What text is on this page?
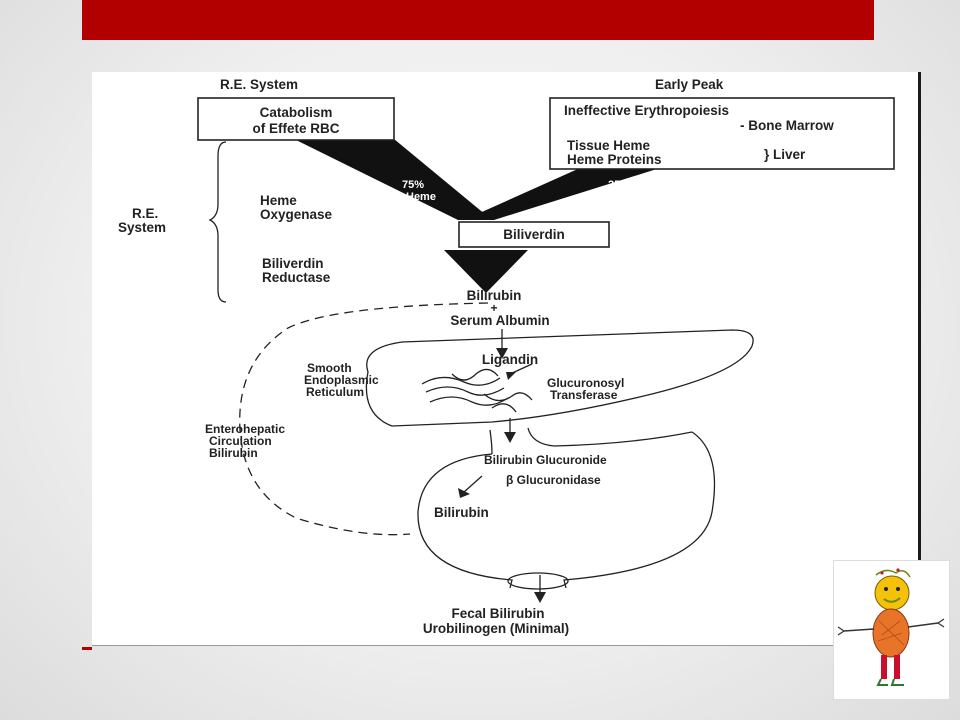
R.E. System	Early Peak
Catabolism
of Effete RBC
Ineffective Erythropoiesis
- Bone Marrow
Tissue Heme
Heme Proteins	} Liver
75%
Heme
25%
Heme
Biliverdin
R.E.
System
Heme
Oxygenase
Biliverdin
Reductase
Bilirubin
+
Serum Albumin
Ligandin
Smooth
Endoplasmic
Reticulum
Glucuronosyl
Transferase
Bilirubin Glucuronide
β Glucuronidase
Bilirubin
Fecal Bilirubin
Urobilinogen (Minimal)
Enterohepatic
Circulation
Bilirubin
